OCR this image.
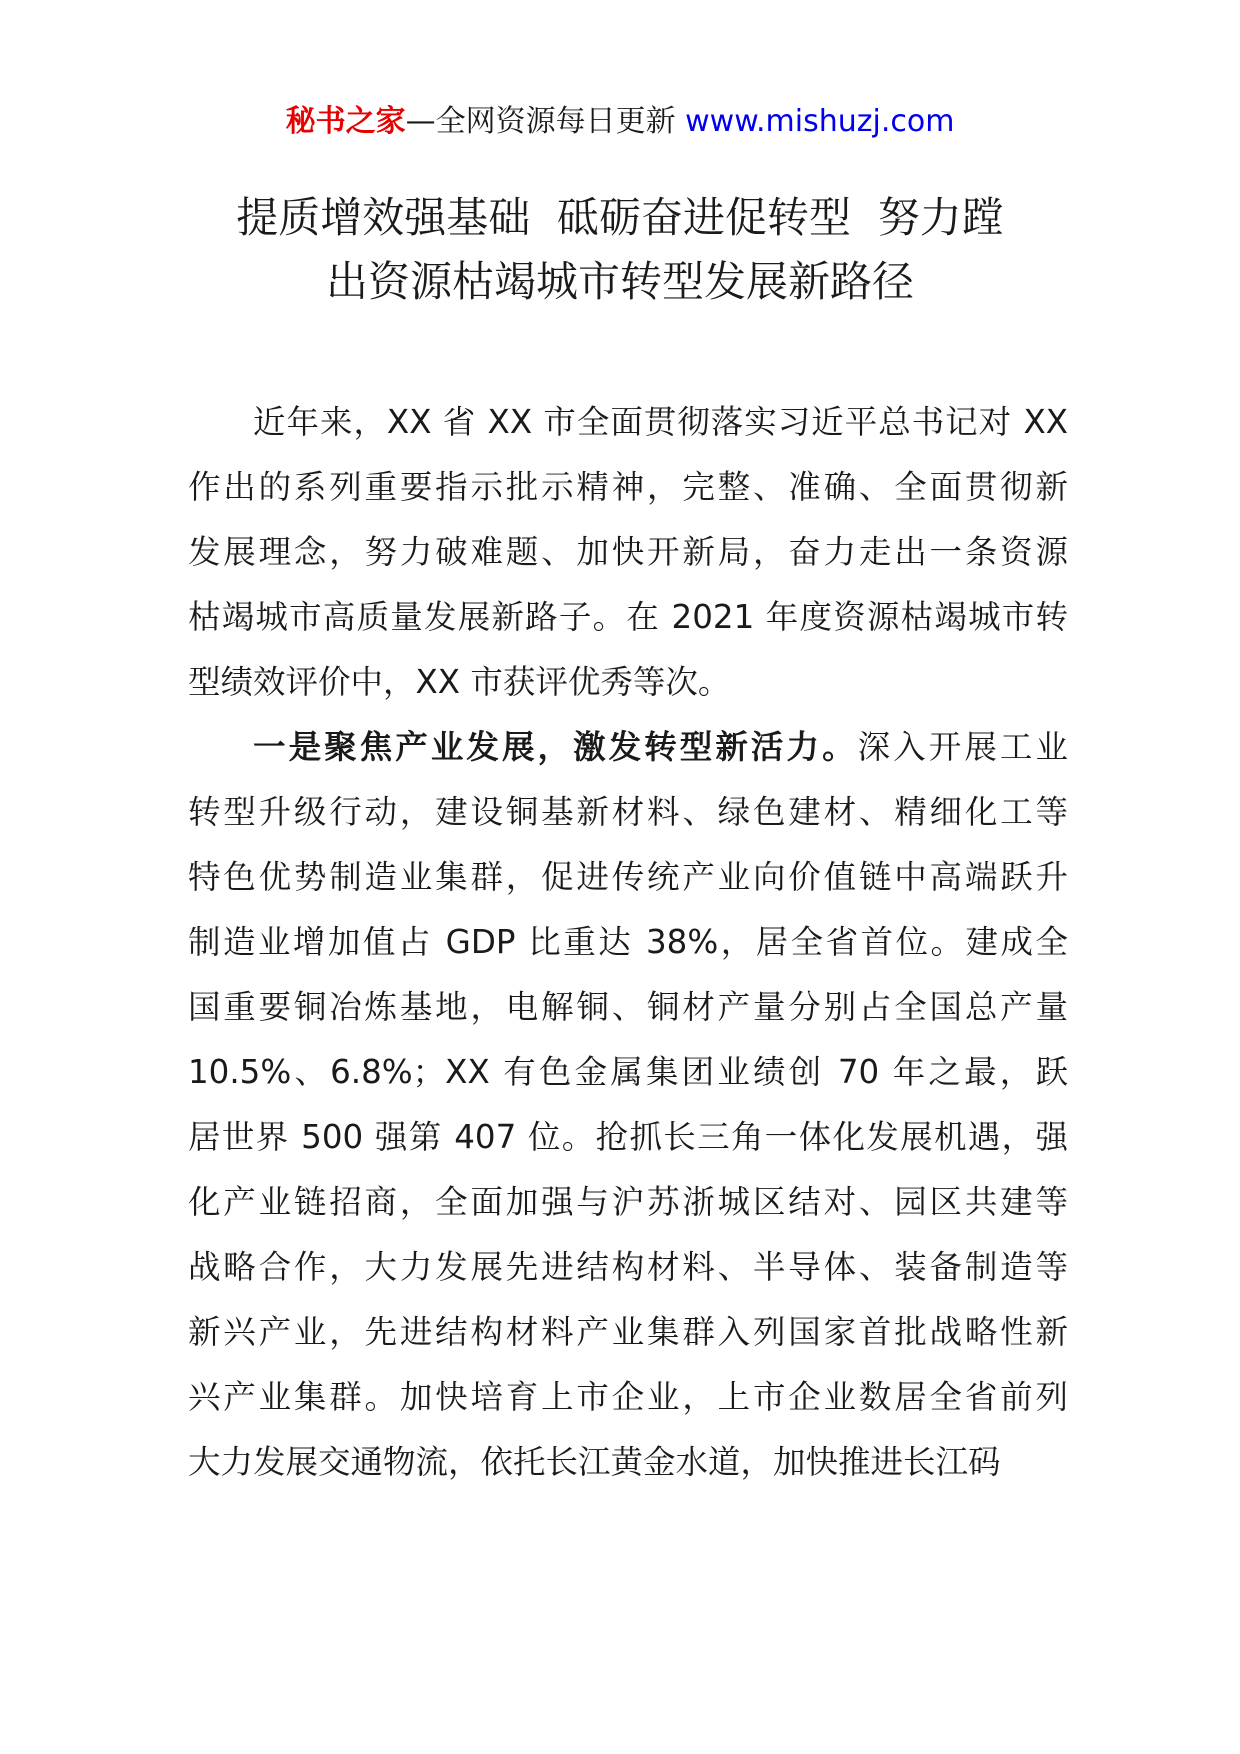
秘书之家—全网资源每日更新 www.mishuzj.com
提质增效强基础  砥砺奋进促转型  努力蹚
出资源枯竭城市转型发展新路径

近年来，XX 省 XX 市全面贯彻落实习近平总书记对 XX
作出的系列重要指示批示精神，完整、准确、全面贯彻新
发展理念，努力破难题、加快开新局，奋力走出一条资源
枯竭城市高质量发展新路子。在 2021 年度资源枯竭城市转
型绩效评价中，XX 市获评优秀等次。

一是聚焦产业发展，激发转型新活力。深入开展工业
转型升级行动，建设铜基新材料、绿色建材、精细化工等
特色优势制造业集群，促进传统产业向价值链中高端跃升
制造业增加值占 GDP 比重达 38%，居全省首位。建成全
国重要铜冶炼基地，电解铜、铜材产量分别占全国总产量
10.5%、6.8%；XX 有色金属集团业绩创 70 年之最，跃
居世界 500 强第 407 位。抢抓长三角一体化发展机遇，强
化产业链招商，全面加强与沪苏浙城区结对、园区共建等
战略合作，大力发展先进结构材料、半导体、装备制造等
新兴产业，先进结构材料产业集群入列国家首批战略性新
兴产业集群。加快培育上市企业，上市企业数居全省前列
大力发展交通物流，依托长江黄金水道，加快推进长江码
